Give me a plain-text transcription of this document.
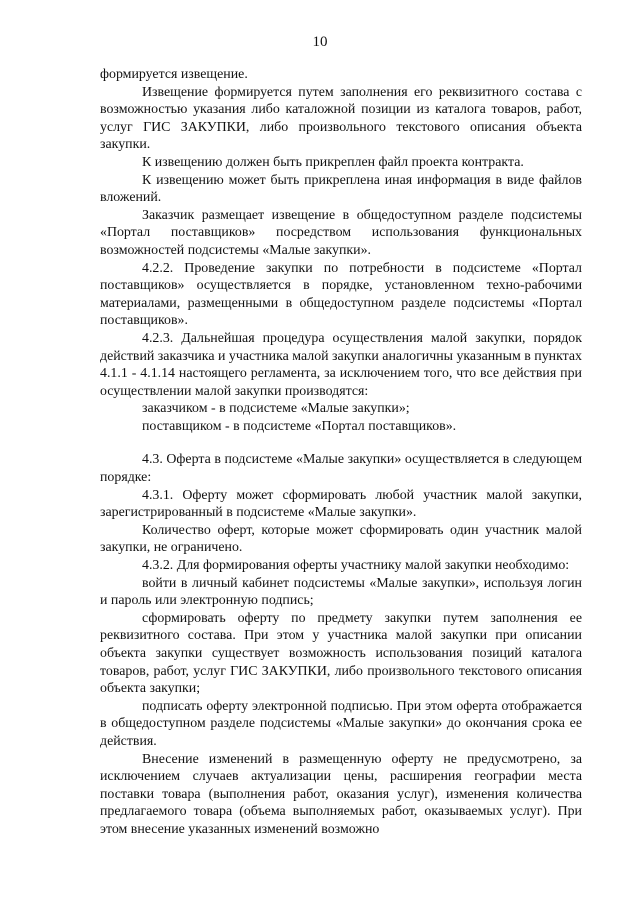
10

формируется извещение.

Извещение формируется путем заполнения его реквизитного состава с возможностью указания либо каталожной позиции из каталога товаров, работ, услуг ГИС ЗАКУПКИ, либо произвольного текстового описания объекта закупки.

К извещению должен быть прикреплен файл проекта контракта.

К извещению может быть прикреплена иная информация в виде файлов вложений.

Заказчик размещает извещение в общедоступном разделе подсистемы «Портал поставщиков» посредством использования функциональных возможностей подсистемы «Малые закупки».

4.2.2. Проведение закупки по потребности в подсистеме «Портал поставщиков» осуществляется в порядке, установленном техно-рабочими материалами, размещенными в общедоступном разделе подсистемы «Портал поставщиков».

4.2.3. Дальнейшая процедура осуществления малой закупки, порядок действий заказчика и участника малой закупки аналогичны указанным в пунктах 4.1.1 - 4.1.14 настоящего регламента, за исключением того, что все действия при осуществлении малой закупки производятся:

заказчиком - в подсистеме «Малые закупки»;

поставщиком - в подсистеме «Портал поставщиков».

4.3. Оферта в подсистеме «Малые закупки» осуществляется в следующем порядке:

4.3.1. Оферту может сформировать любой участник малой закупки, зарегистрированный в подсистеме «Малые закупки».

Количество оферт, которые может сформировать один участник малой закупки, не ограничено.

4.3.2. Для формирования оферты участнику малой закупки необходимо:

войти в личный кабинет подсистемы «Малые закупки», используя логин и пароль или электронную подпись;

сформировать оферту по предмету закупки путем заполнения ее реквизитного состава. При этом у участника малой закупки при описании объекта закупки существует возможность использования позиций каталога товаров, работ, услуг ГИС ЗАКУПКИ, либо произвольного текстового описания объекта закупки;

подписать оферту электронной подписью. При этом оферта отображается в общедоступном разделе подсистемы «Малые закупки» до окончания срока ее действия.

Внесение изменений в размещенную оферту не предусмотрено, за исключением случаев актуализации цены, расширения географии места поставки товара (выполнения работ, оказания услуг), изменения количества предлагаемого товара (объема выполняемых работ, оказываемых услуг). При этом внесение указанных изменений возможно
